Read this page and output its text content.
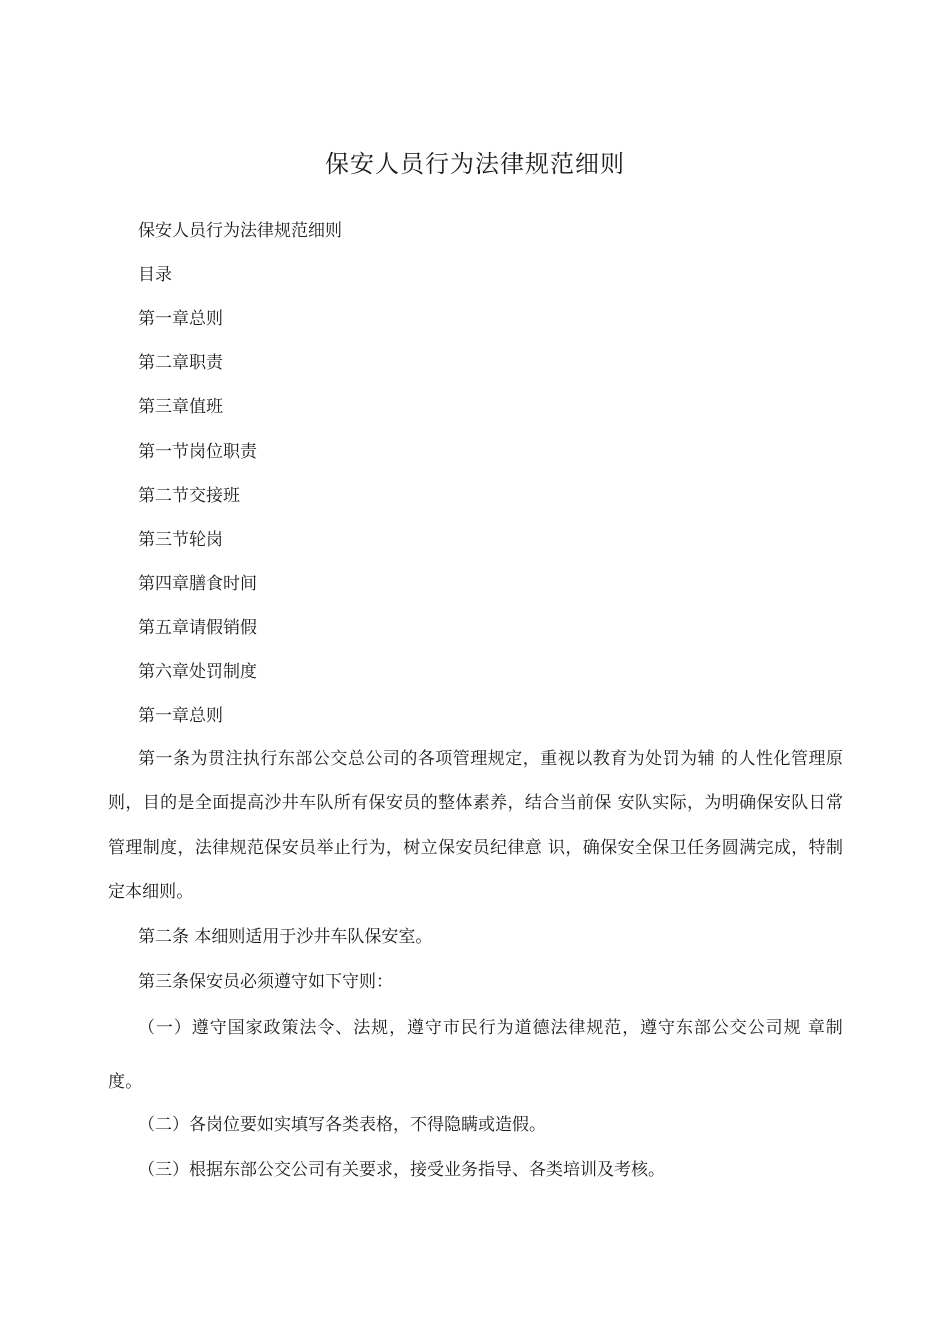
保安人员行为法律规范细则
保安人员行为法律规范细则
目录
第一章总则
第二章职责
第三章值班
第一节岗位职责
第二节交接班
第三节轮岗
第四章膳食时间
第五章请假销假
第六章处罚制度
第一章总则
第一条为贯注执行东部公交总公司的各项管理规定，重视以教育为处罚为辅 的人性化管理原则，目的是全面提高沙井车队所有保安员的整体素养，结合当前保 安队实际，为明确保安队日常管理制度，法律规范保安员举止行为，树立保安员纪律意 识，确保安全保卫任务圆满完成，特制定本细则。
第二条 本细则适用于沙井车队保安室。
第三条保安员必须遵守如下守则：
（一）遵守国家政策法令、法规，遵守市民行为道德法律规范，遵守东部公交公司规 章制度。
（二）各岗位要如实填写各类表格，不得隐瞒或造假。
（三）根据东部公交公司有关要求，接受业务指导、各类培训及考核。
